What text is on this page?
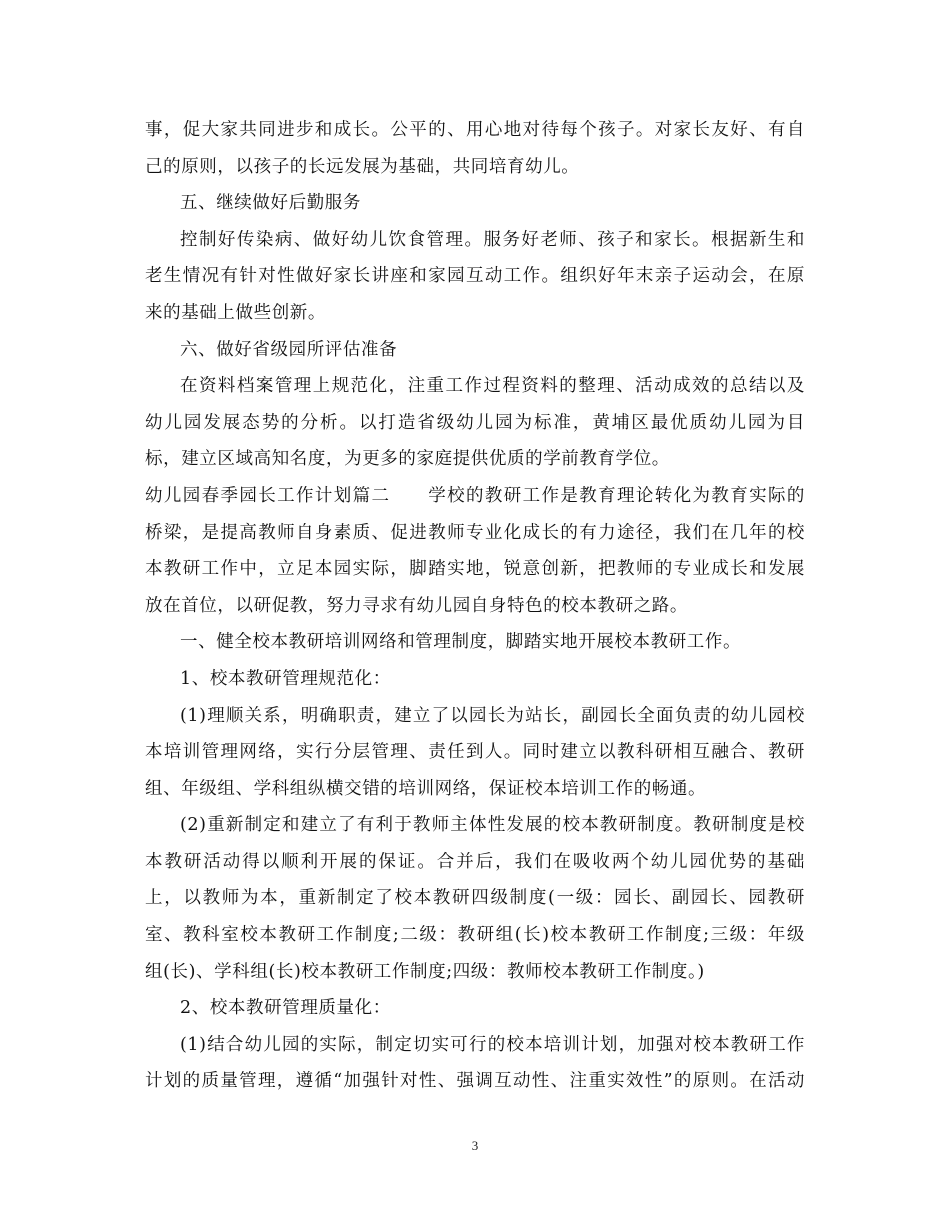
事，促大家共同进步和成长。公平的、用心地对待每个孩子。对家长友好、有自
己的原则，以孩子的长远发展为基础，共同培育幼儿。
五、继续做好后勤服务
控制好传染病、做好幼儿饮食管理。服务好老师、孩子和家长。根据新生和
老生情况有针对性做好家长讲座和家园互动工作。组织好年末亲子运动会，在原
来的基础上做些创新。
六、做好省级园所评估准备
在资料档案管理上规范化，注重工作过程资料的整理、活动成效的总结以及
幼儿园发展态势的分析。以打造省级幼儿园为标准，黄埔区最优质幼儿园为目
标，建立区域高知名度，为更多的家庭提供优质的学前教育学位。
幼儿园春季园长工作计划篇二　　学校的教研工作是教育理论转化为教育实际的
桥梁，是提高教师自身素质、促进教师专业化成长的有力途径，我们在几年的校
本教研工作中，立足本园实际，脚踏实地，锐意创新，把教师的专业成长和发展
放在首位，以研促教，努力寻求有幼儿园自身特色的校本教研之路。
一、健全校本教研培训网络和管理制度，脚踏实地开展校本教研工作。
1、校本教研管理规范化：
(1)理顺关系，明确职责，建立了以园长为站长，副园长全面负责的幼儿园校
本培训管理网络，实行分层管理、责任到人。同时建立以教科研相互融合、教研
组、年级组、学科组纵横交错的培训网络，保证校本培训工作的畅通。
(2)重新制定和建立了有利于教师主体性发展的校本教研制度。教研制度是校
本教研活动得以顺利开展的保证。合并后，我们在吸收两个幼儿园优势的基础
上，以教师为本，重新制定了校本教研四级制度(一级：园长、副园长、园教研
室、教科室校本教研工作制度;二级：教研组(长)校本教研工作制度;三级：年级
组(长)、学科组(长)校本教研工作制度;四级：教师校本教研工作制度。)
2、校本教研管理质量化：
(1)结合幼儿园的实际，制定切实可行的校本培训计划，加强对校本教研工作
计划的质量管理，遵循“加强针对性、强调互动性、注重实效性”的原则。在活动
3
